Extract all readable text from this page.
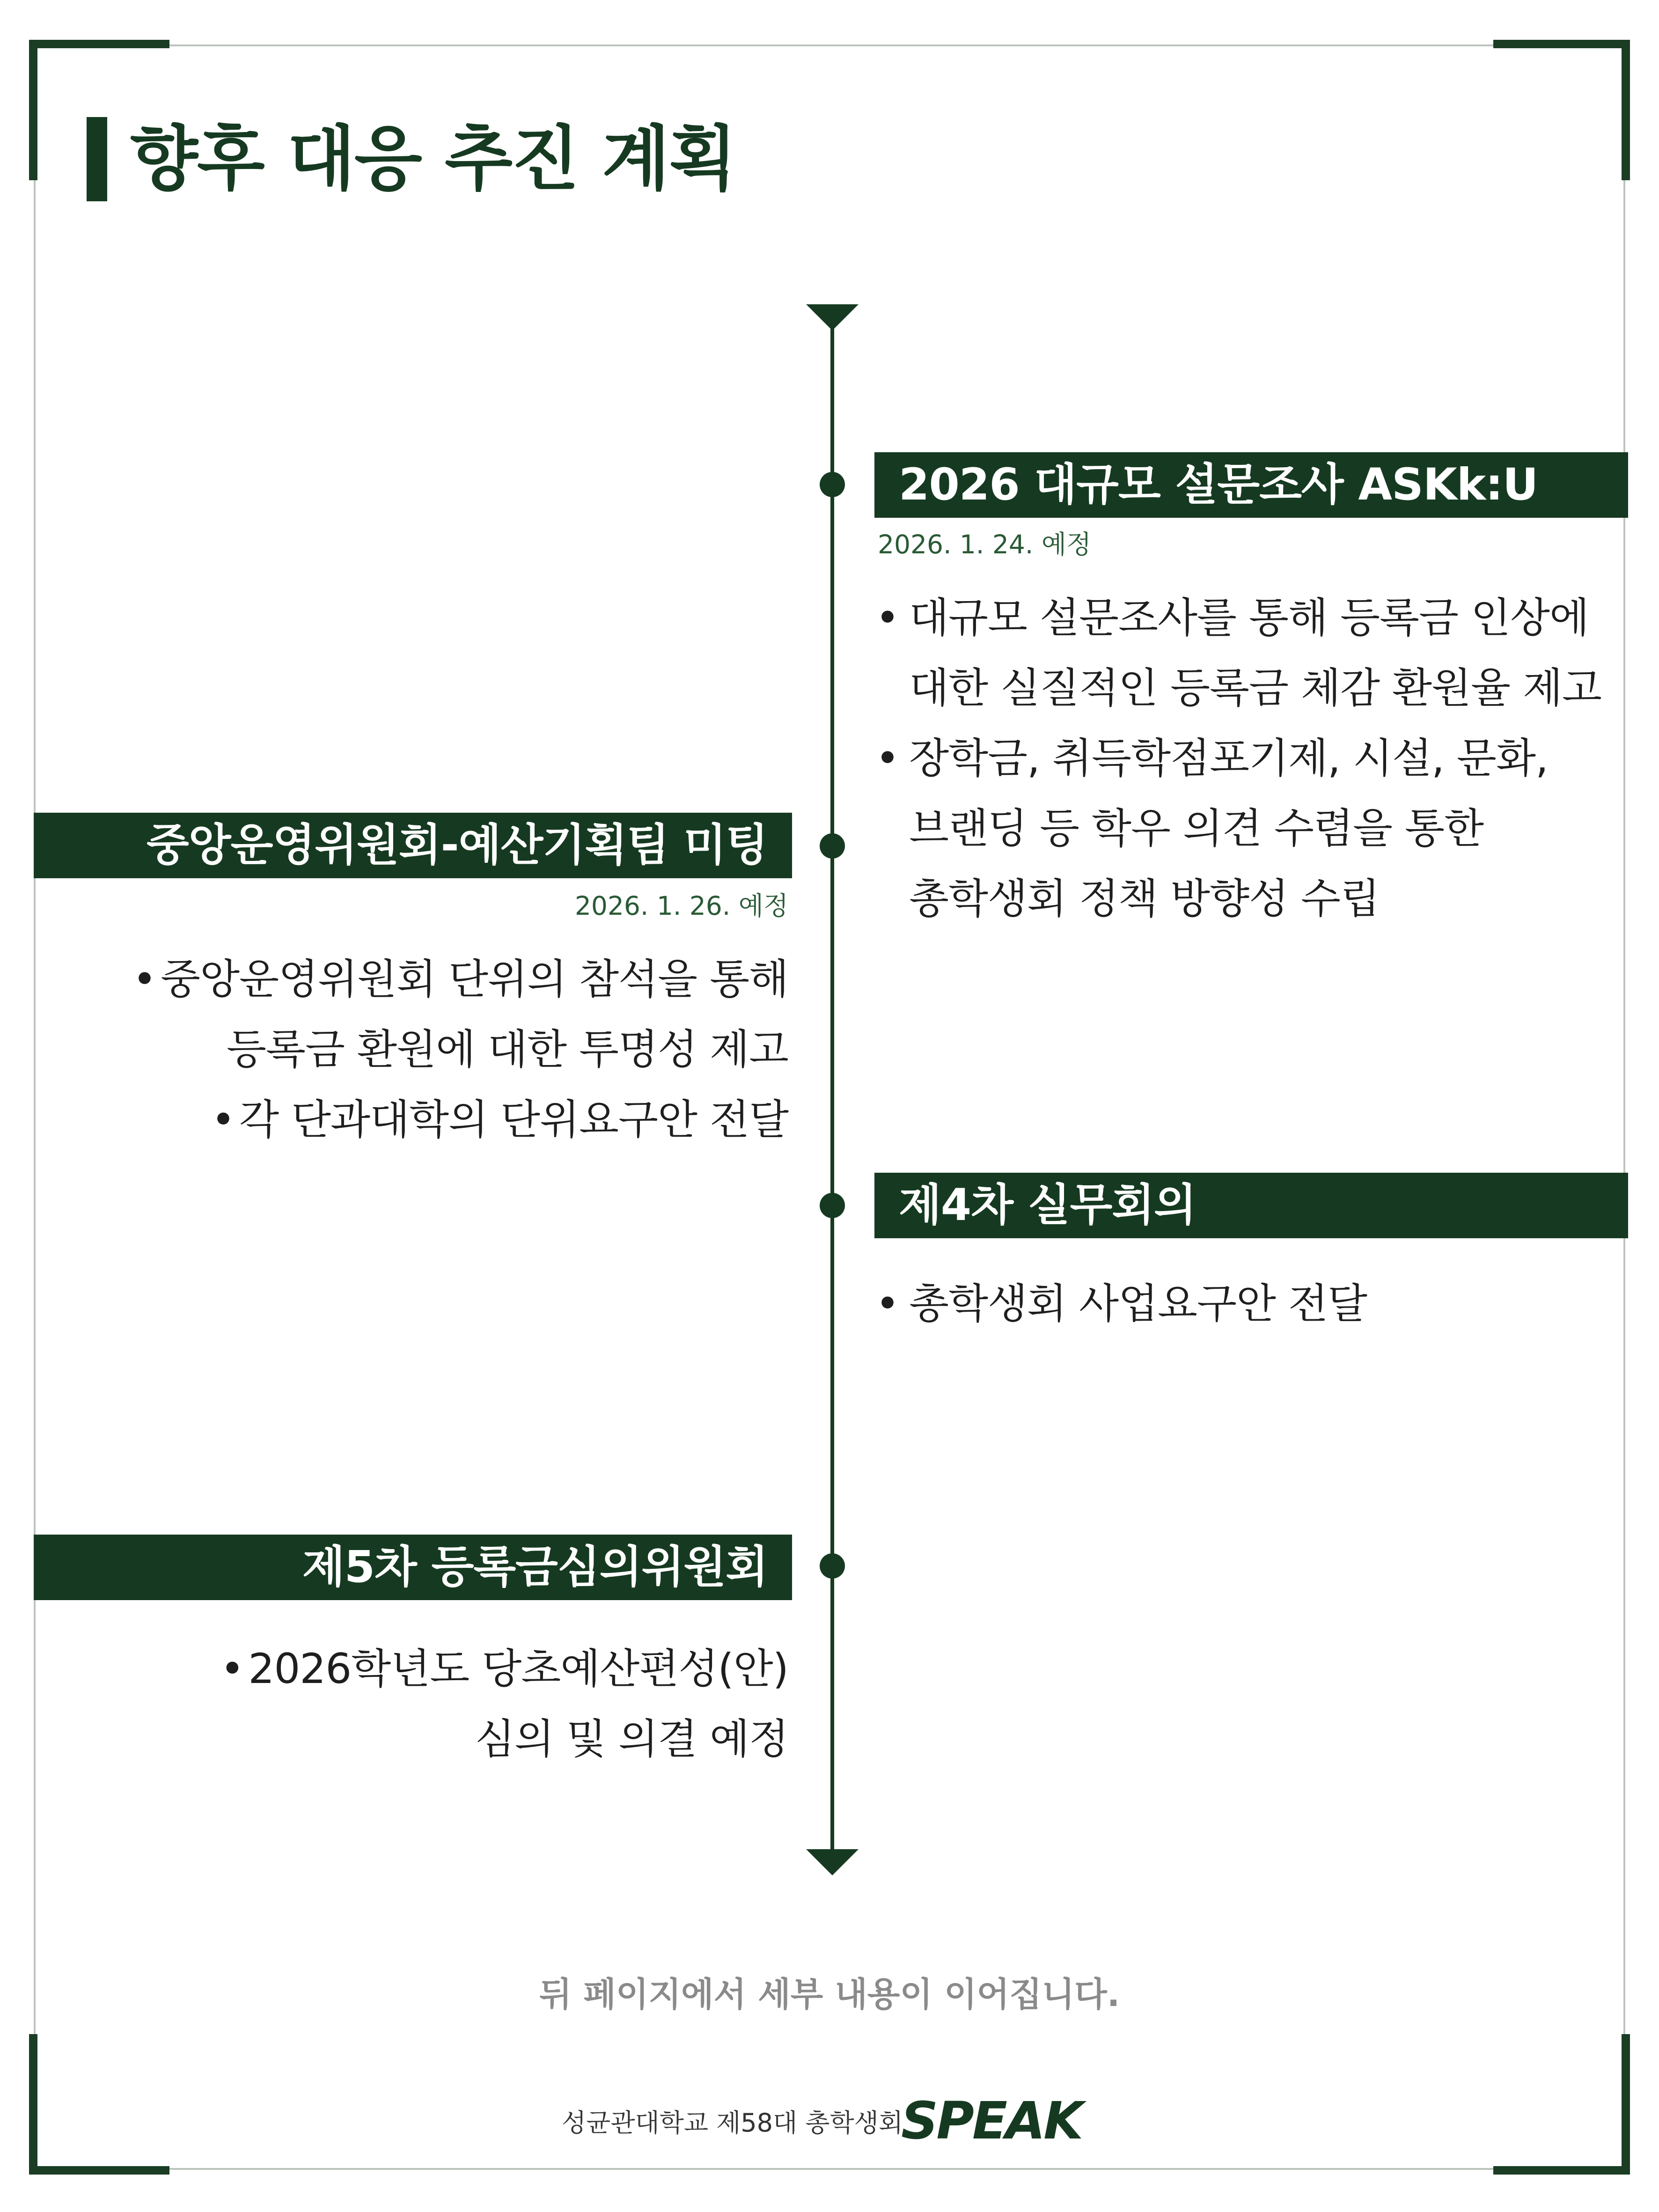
향후 대응 추진 계획
2026 대규모 설문조사 ASKk:U
2026. 1. 24. 예정
• 대규모 설문조사를 통해 등록금 인상에
대한 실질적인 등록금 체감 환원율 제고
• 장학금, 취득학점포기제, 시설, 문화,
브랜딩 등 학우 의견 수렴을 통한
총학생회 정책 방향성 수립
중앙운영위원회-예산기획팀 미팅
2026. 1. 26. 예정
• 중앙운영위원회 단위의 참석을 통해
등록금 환원에 대한 투명성 제고
• 각 단과대학의 단위요구안 전달
제4차 실무회의
• 총학생회 사업요구안 전달
제5차 등록금심의위원회
• 2026학년도 당초예산편성(안)
심의 및 의결 예정
뒤 페이지에서 세부 내용이 이어집니다.
성균관대학교 제58대 총학생회
SPEAK
